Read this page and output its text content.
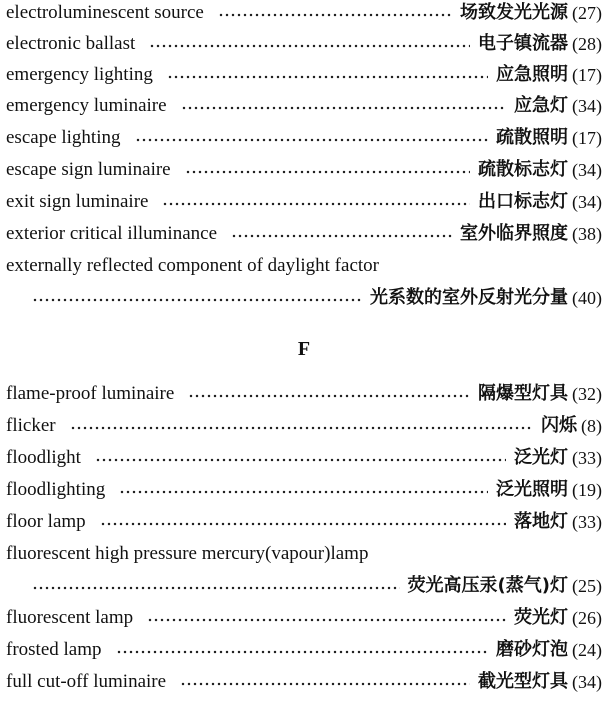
electroluminescent source	场致发光光源 (27)
electronic ballast	电子镇流器 (28)
emergency lighting	应急照明 (17)
emergency luminaire	应急灯 (34)
escape lighting	疏散照明 (17)
escape sign luminaire	疏散标志灯 (34)
exit sign luminaire	出口标志灯 (34)
exterior critical illuminance	室外临界照度 (38)
externally reflected component of daylight factor
光系数的室外反射光分量 (40)
F
flame-proof luminaire	隔爆型灯具 (32)
flicker	闪烁 (8)
floodlight	泛光灯 (33)
floodlighting	泛光照明 (19)
floor lamp	落地灯 (33)
fluorescent high pressure mercury(vapour)lamp
荧光高压汞(蒸气)灯 (25)
fluorescent lamp	荧光灯 (26)
frosted lamp	磨砂灯泡 (24)
full cut-off luminaire	截光型灯具 (34)
